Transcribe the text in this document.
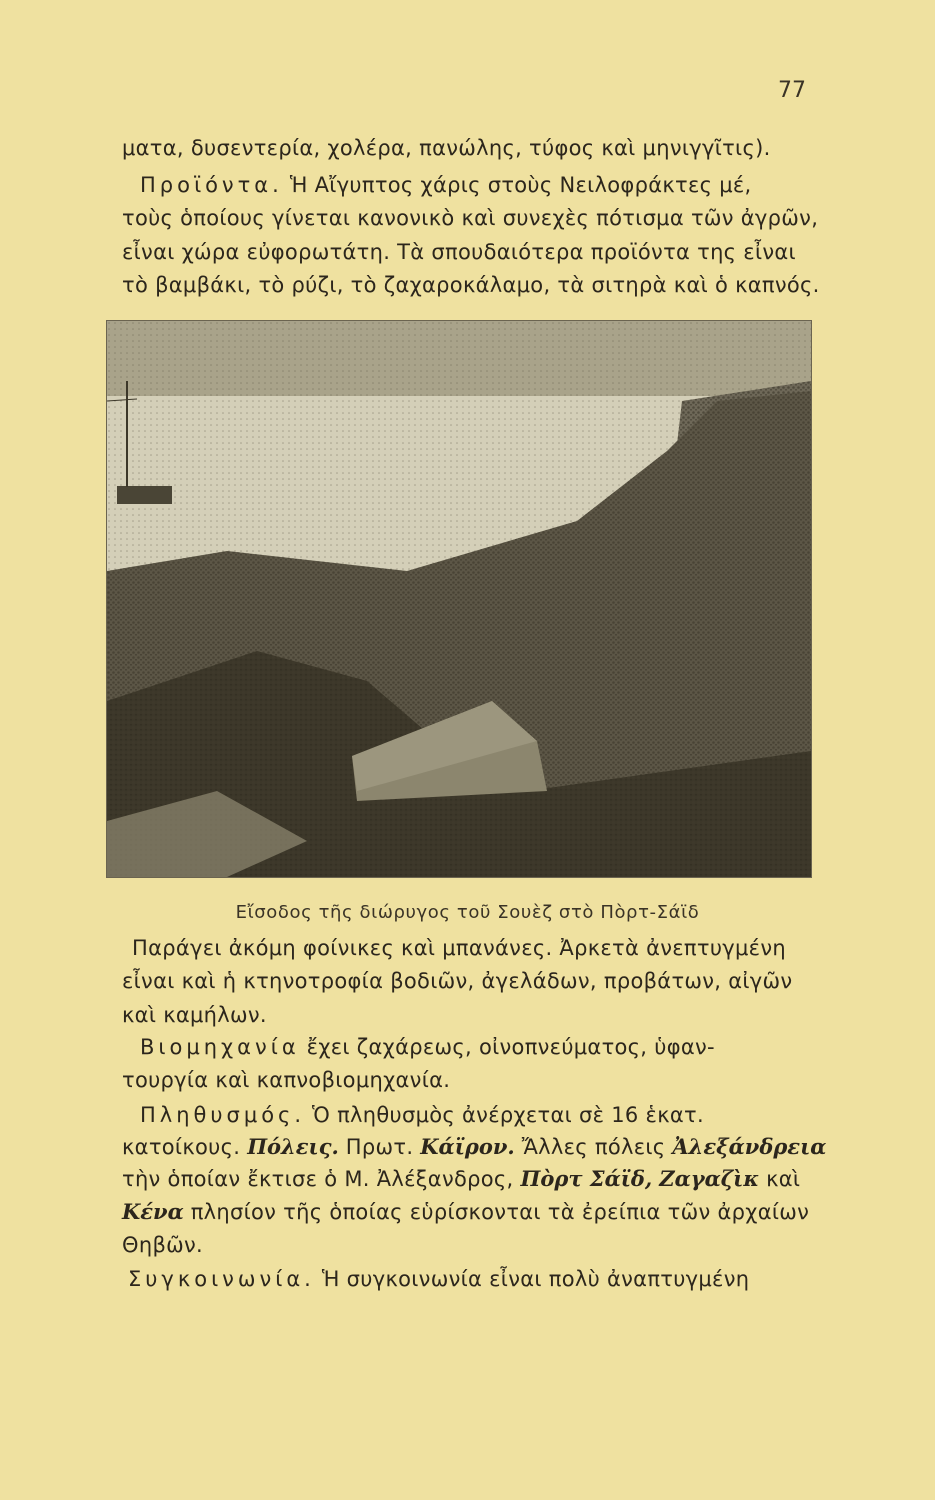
77
ματα, δυσεντερία, χολέρα, πανώλης, τύφος καὶ μηνιγγῖτις).
Προϊόντα. Ἡ Αἴγυπτος χάρις στοὺς Νειλοφράκτες μέ,
τοὺς ὁποίους γίνεται κανονικὸ καὶ συνεχὲς πότισμα τῶν ἀγρῶν,
εἶναι χώρα εὐφορωτάτη. Τὰ σπουδαιότερα προϊόντα της εἶναι
τὸ βαμβάκι, τὸ ρύζι, τὸ ζαχαροκάλαμο, τὰ σιτηρὰ καὶ ὁ καπνός.
Εἴσοδος τῆς διώρυγος τοῦ Σουὲζ στὸ Πὸρτ-Σάϊδ
Παράγει ἀκόμη φοίνικες καὶ μπανάνες. Ἀρκετὰ ἀνεπτυγμένη
εἶναι καὶ ἡ κτηνοτροφία βοδιῶν, ἀγελάδων, προβάτων, αἰγῶν
καὶ καμήλων.
Βιομηχανία ἔχει ζαχάρεως, οἰνοπνεύματος, ὑφαν-
τουργία καὶ καπνοβιομηχανία.
Πληθυσμός. Ὁ πληθυσμὸς ἀνέρχεται σὲ 16 ἑκατ.
κατοίκους. Πόλεις. Πρωτ. Κάϊρον. Ἄλλες πόλεις Ἀλεξάνδρεια
τὴν ὁποίαν ἔκτισε ὁ Μ. Ἀλέξανδρος, Πὸρτ Σάϊδ, Ζαγαζὶκ καὶ
Κένα πλησίον τῆς ὁποίας εὑρίσκονται τὰ ἐρείπια τῶν ἀρχαίων
Θηβῶν.
Συγκοινωνία. Ἡ συγκοινωνία εἶναι πολὺ ἀναπτυγμένη
